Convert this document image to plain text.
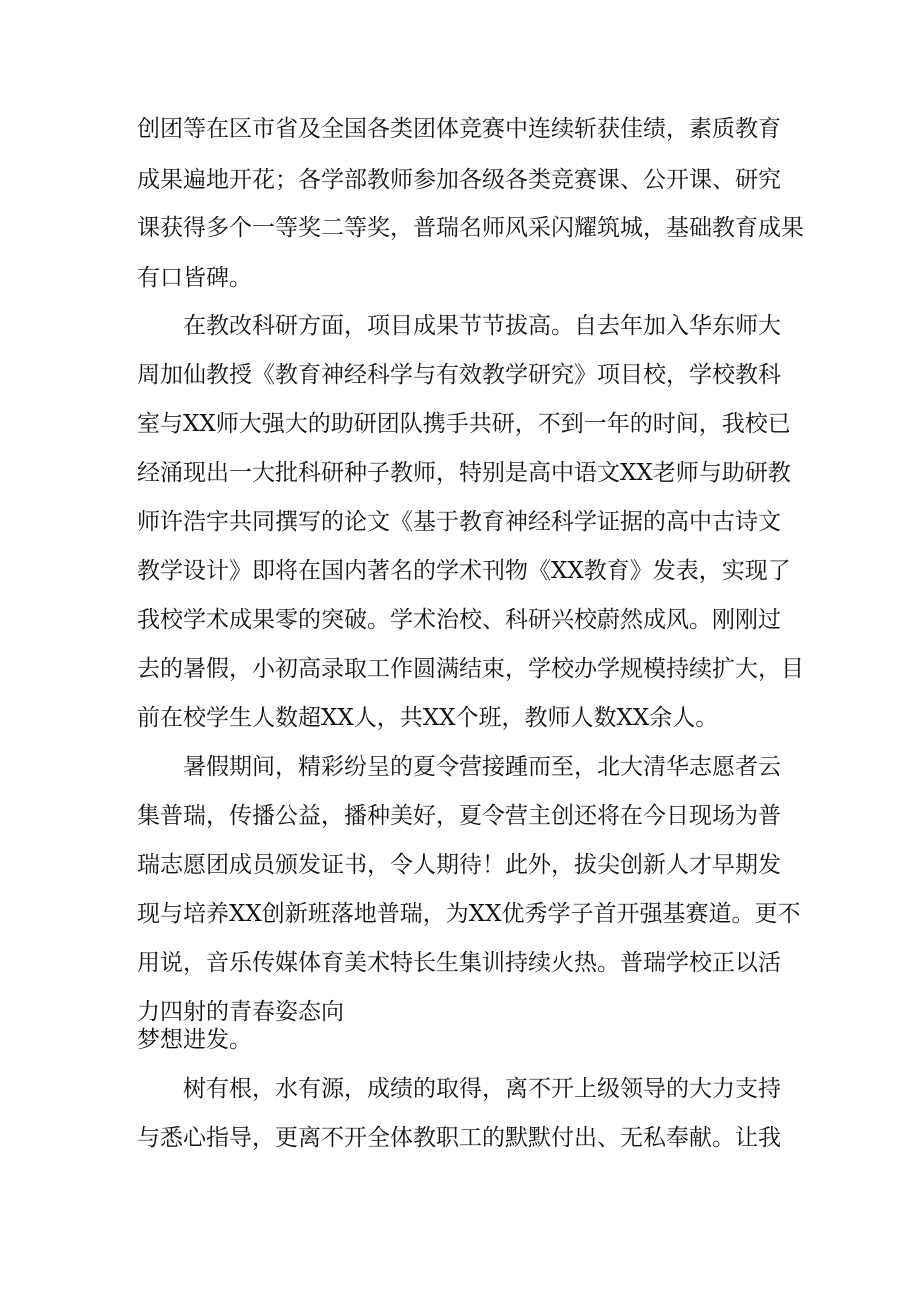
创团等在区市省及全国各类团体竞赛中连续斩获佳绩，素质教育

成果遍地开花；各学部教师参加各级各类竞赛课、公开课、研究

课获得多个一等奖二等奖，普瑞名师风采闪耀筑城，基础教育成果

有口皆碑。

在教改科研方面，项目成果节节拔高。自去年加入华东师大

周加仙教授《教育神经科学与有效教学研究》项目校，学校教科

室与XX师大强大的助研团队携手共研，不到一年的时间，我校已

经涌现出一大批科研种子教师，特别是高中语文XX老师与助研教

师许浩宇共同撰写的论文《基于教育神经科学证据的高中古诗文

教学设计》即将在国内著名的学术刊物《XX教育》发表，实现了

我校学术成果零的突破。学术治校、科研兴校蔚然成风。刚刚过

去的暑假，小初高录取工作圆满结束，学校办学规模持续扩大，目

前在校学生人数超XX人，共XX个班，教师人数XX余人。

暑假期间，精彩纷呈的夏令营接踵而至，北大清华志愿者云

集普瑞，传播公益，播种美好，夏令营主创还将在今日现场为普

瑞志愿团成员颁发证书，令人期待！此外，拔尖创新人才早期发

现与培养XX创新班落地普瑞，为XX优秀学子首开强基赛道。更不

用说，音乐传媒体育美术特长生集训持续火热。普瑞学校正以活

力四射的青春姿态向

梦想进发。

树有根，水有源，成绩的取得，离不开上级领导的大力支持

与悉心指导，更离不开全体教职工的默默付出、无私奉献。让我
